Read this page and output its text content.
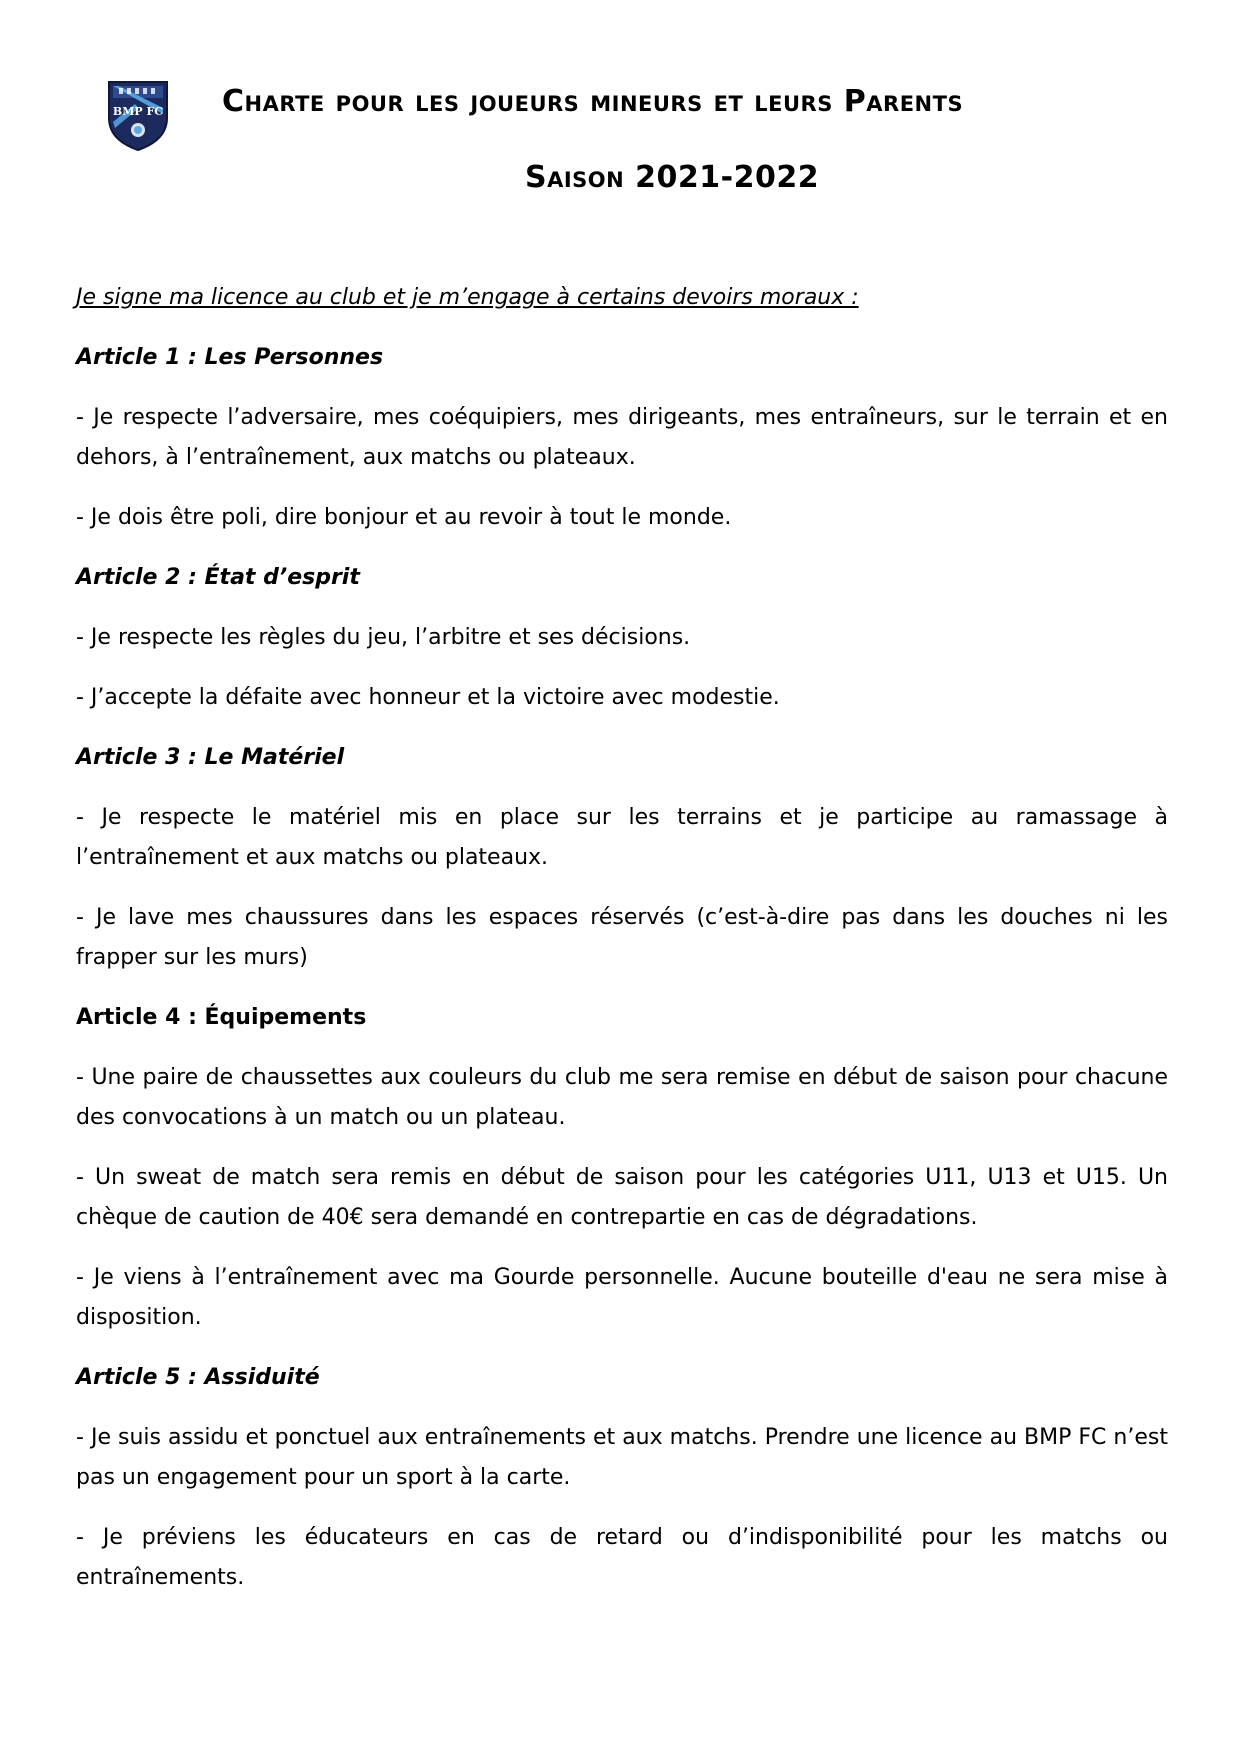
BMP FC Charte pour les joueurs mineurs et leurs Parents
Saison 2021-2022

Je signe ma licence au club et je m’engage à certains devoirs moraux :

Article 1 : Les Personnes

- Je respecte l’adversaire, mes coéquipiers, mes dirigeants, mes entraîneurs, sur le terrain et en dehors, à l’entraînement, aux matchs ou plateaux.

- Je dois être poli, dire bonjour et au revoir à tout le monde.

Article 2 : État d’esprit

- Je respecte les règles du jeu, l’arbitre et ses décisions.

- J’accepte la défaite avec honneur et la victoire avec modestie.

Article 3 : Le Matériel

- Je respecte le matériel mis en place sur les terrains et je participe au ramassage à l’entraînement et aux matchs ou plateaux.

- Je lave mes chaussures dans les espaces réservés (c’est-à-dire pas dans les douches ni les frapper sur les murs)

Article 4 : Équipements

- Une paire de chaussettes aux couleurs du club me sera remise en début de saison pour chacune des convocations à un match ou un plateau.

- Un sweat de match sera remis en début de saison pour les catégories U11, U13 et U15. Un chèque de caution de 40€ sera demandé en contrepartie en cas de dégradations.

- Je viens à l’entraînement avec ma Gourde personnelle. Aucune bouteille d'eau ne sera mise à disposition.

Article 5 : Assiduité

- Je suis assidu et ponctuel aux entraînements et aux matchs. Prendre une licence au BMP FC n’est pas un engagement pour un sport à la carte.

- Je préviens les éducateurs en cas de retard ou d’indisponibilité pour les matchs ou entraînements.
